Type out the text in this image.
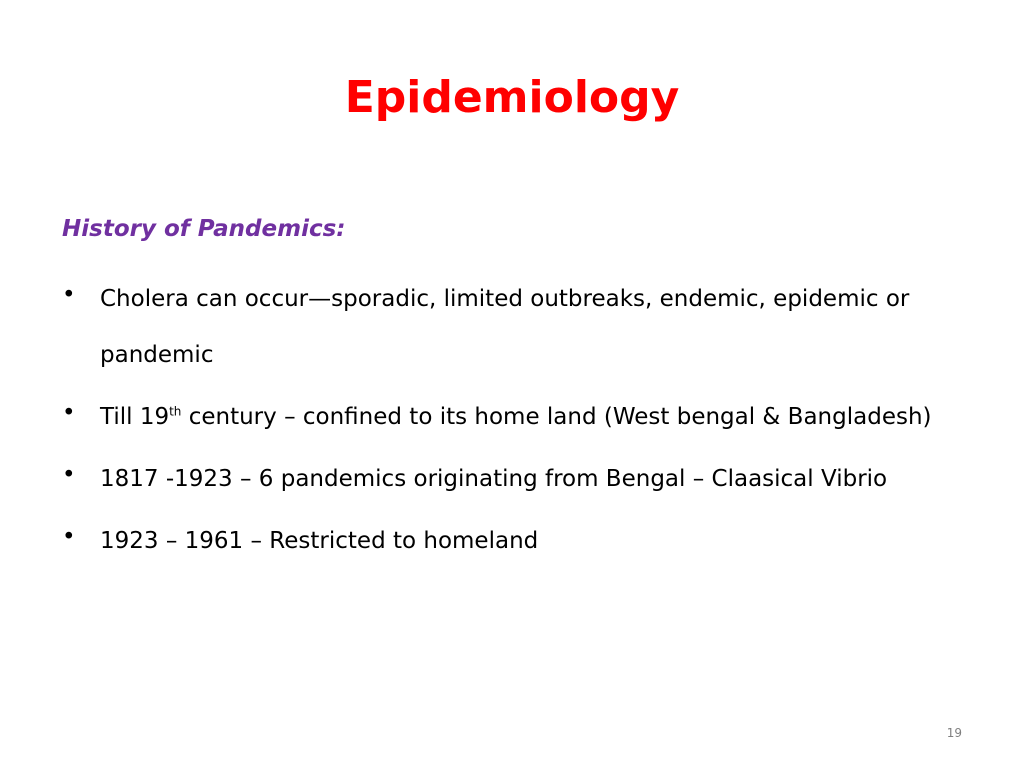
Epidemiology
History of Pandemics:
• Cholera can occur—sporadic, limited outbreaks, endemic, epidemic or pandemic
• Till 19th century – confined to its home land (West bengal & Bangladesh)
• 1817 -1923 – 6 pandemics originating from Bengal – Claasical Vibrio
• 1923 – 1961 – Restricted to homeland
19
